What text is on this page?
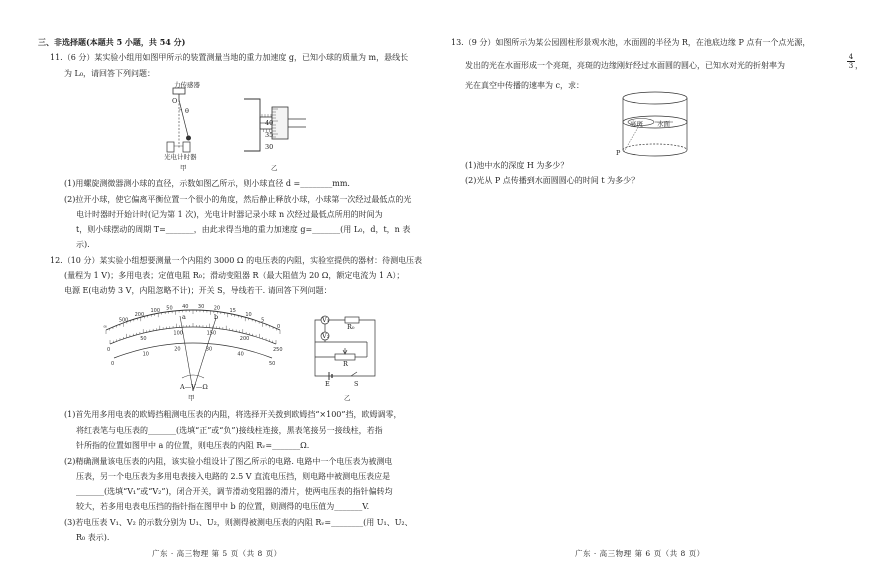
三、非选择题(本题共 5 小题，共 54 分)
11.（6 分）某实验小组用如图甲所示的装置测量当地的重力加速度 g，已知小球的质量为 m，悬线长
为 L₀，请回答下列问题：
力传感器
O
θ
光电计时器
甲
40
35
30
乙
(1)用螺旋测微器测小球的直径，示数如图乙所示，则小球直径 d =________mm.
(2)拉开小球，使它偏离平衡位置一个很小的角度，然后静止释放小球，小球第一次经过最低点的光
电计时器时开始计时(记为第 1 次)，光电计时器记录小球 n 次经过最低点所用的时间为
t，则小球摆动的周期 T=_______，由此求得当地的重力加速度 g=_______(用 L₀，d，t，n 表
示).
12.（10 分）某实验小组想要测量一个内阻约 3000 Ω 的电压表的内阻，实验室提供的器材：待测电压表
(量程为 1 V)；多用电表；定值电阻 R₀；滑动变阻器 R（最大阻值为 20 Ω，额定电流为 1 A）；
电源 E(电动势 3 V，内阻忽略不计)；开关 S，导线若干. 请回答下列问题：
∞
500
200
100 50 40 30 20 15
10
5
0
0
50
100	150
200
250
0
10
20	30
40
50
a	b
A—V—Ω
甲
V₁
V₂
R₀
R
E	S
乙
(1)首先用多用电表的欧姆挡粗测电压表的内阻，将选择开关拨到欧姆挡“×100”挡，欧姆调零，
将红表笔与电压表的_______(选填“正”或“负”)接线柱连接，黑表笔接另一接线柱，若指
针所指的位置如图甲中 a 的位置，则电压表的内阻 Rᵥ=_______Ω.
(2)精确测量该电压表的内阻，该实验小组设计了图乙所示的电路. 电路中一个电压表为被测电
压表，另一个电压表为多用电表接入电路的 2.5 V 直流电压挡，则电路中被测电压表应是
_______(选填“V₁”或“V₂”)，闭合开关，调节滑动变阻器的滑片，使两电压表的指针偏转均
较大，若多用电表电压挡的指针指在图甲中 b 的位置，则测得的电压值为_______V.
(3)若电压表 V₁、V₂ 的示数分别为 U₁、U₂，则测得被测电压表的内阻 Rᵥ=________(用 U₁、U₂、
R₀ 表示).
广东 · 高三物理 第 5 页（共 8 页）
13.（9 分）如图所示为某公园圆柱形景观水池，水面圆的半径为 R，在池底边缘 P 点有一个点光源，
发出的光在水面形成一个亮斑，亮斑的边缘刚好经过水面圆的圆心，已知水对光的折射率为	$\frac{4}{3}$ ，
光在真空中传播的速率为 c，求：
亮斑 水面
P
(1)池中水的深度 H 为多少？
(2)光从 P 点传播到水面圆圆心的时间 t 为多少？
广东 · 高三物理 第 6 页（共 8 页）
